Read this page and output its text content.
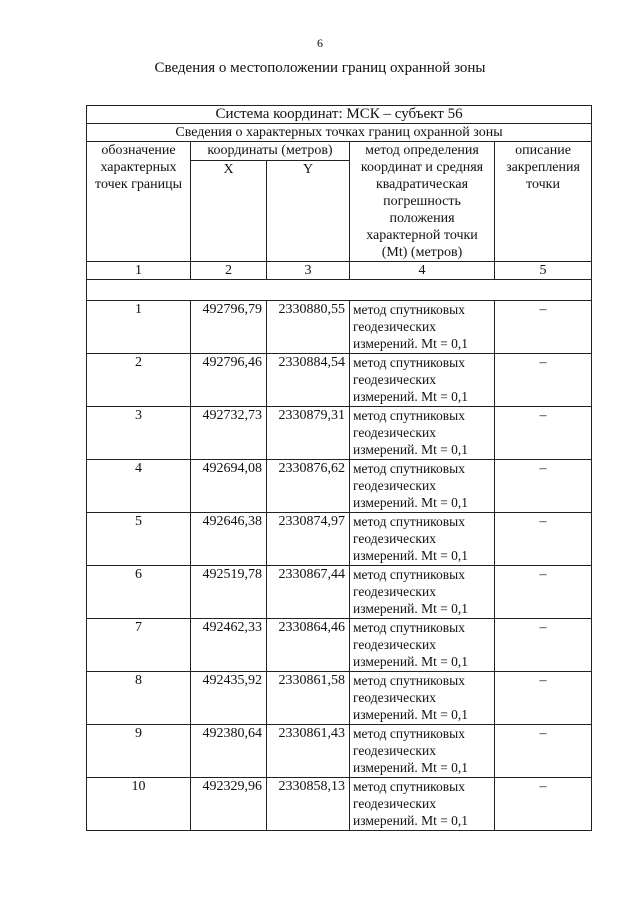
6
Сведения о местоположении границ охранной зоны
Система координат: МСК – субъект 56				
Сведения о характерных точках границ охранной зоны				
обозначение характерных точек границы	координаты (метров)		метод определения координат и средняя квадратическая погрешность положения характерной точки (Mt) (метров)	описание закрепления точки
	X	Y		
1	2	3	4	5

1	492796,79	2330880,55	метод спутниковых геодезических измерений. Mt = 0,1	–
2	492796,46	2330884,54	метод спутниковых геодезических измерений. Mt = 0,1	–
3	492732,73	2330879,31	метод спутниковых геодезических измерений. Mt = 0,1	–
4	492694,08	2330876,62	метод спутниковых геодезических измерений. Mt = 0,1	–
5	492646,38	2330874,97	метод спутниковых геодезических измерений. Mt = 0,1	–
6	492519,78	2330867,44	метод спутниковых геодезических измерений. Mt = 0,1	–
7	492462,33	2330864,46	метод спутниковых геодезических измерений. Mt = 0,1	–
8	492435,92	2330861,58	метод спутниковых геодезических измерений. Mt = 0,1	–
9	492380,64	2330861,43	метод спутниковых геодезических измерений. Mt = 0,1	–
10	492329,96	2330858,13	метод спутниковых геодезических измерений. Mt = 0,1	–
